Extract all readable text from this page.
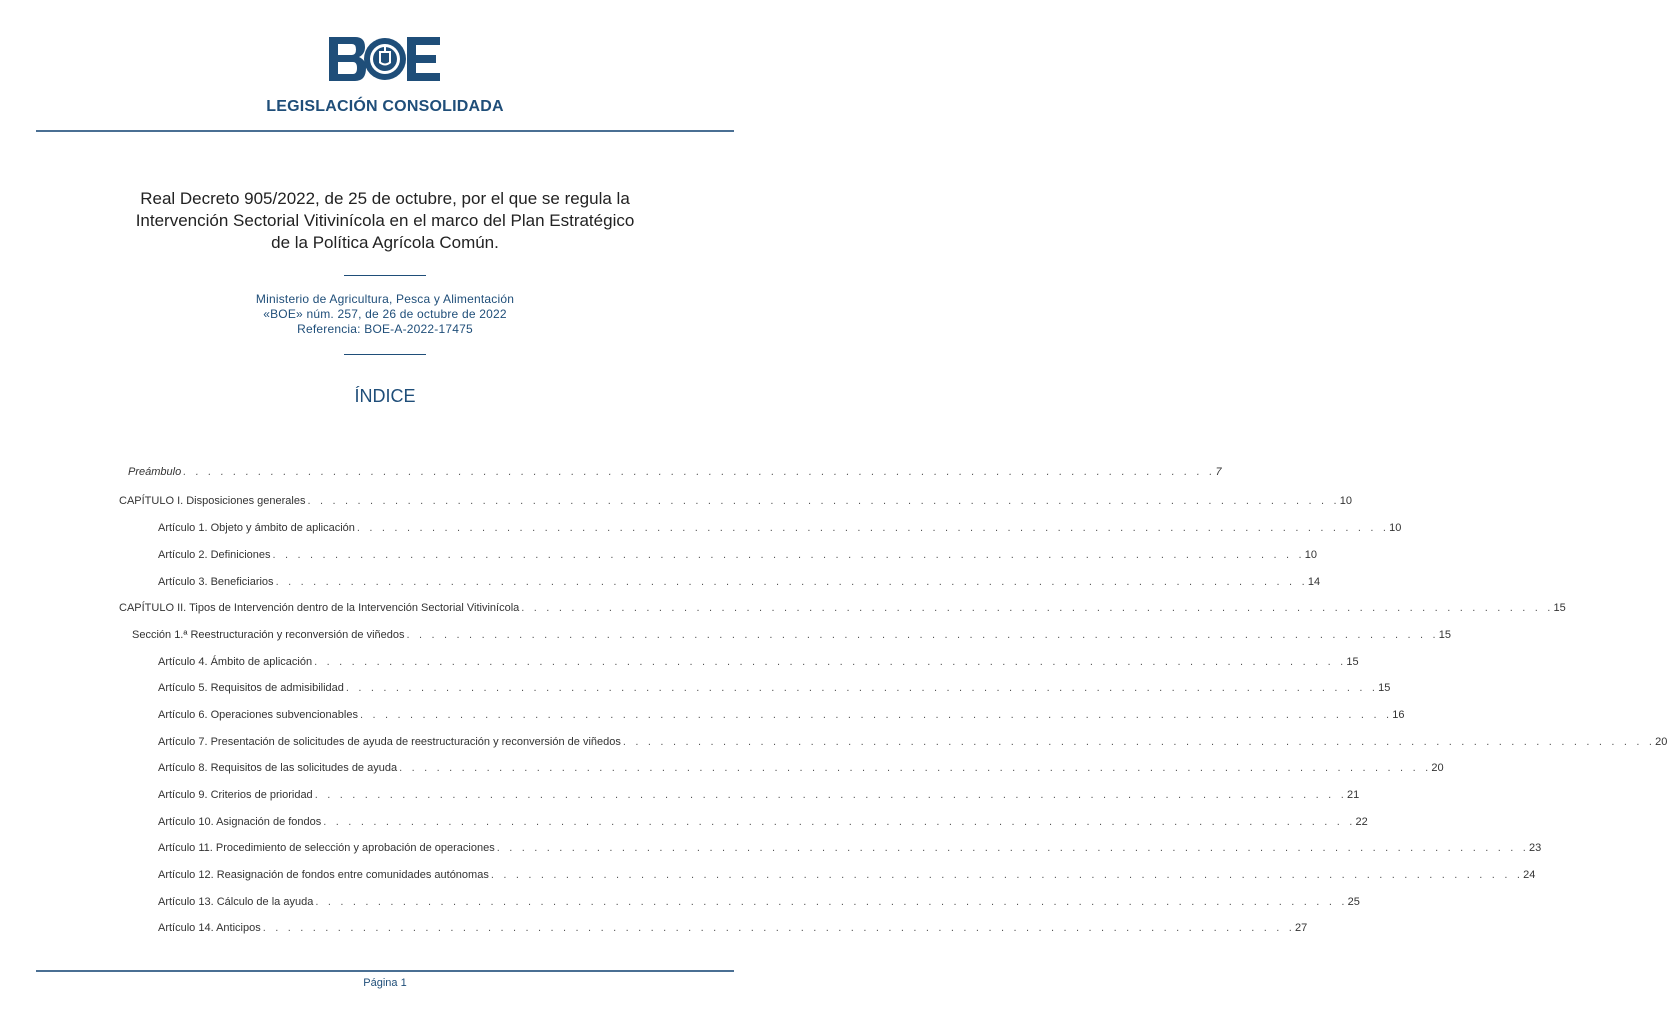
LEGISLACIÓN CONSOLIDADA
Real Decreto 905/2022, de 25 de octubre, por el que se regula la Intervención Sectorial Vitivinícola en el marco del Plan Estratégico de la Política Agrícola Común.
Ministerio de Agricultura, Pesca y Alimentación
«BOE» núm. 257, de 26 de octubre de 2022
Referencia: BOE-A-2022-17475
ÍNDICE
Preámbulo . . . . . . . . . . . . . . . . . . . . . . . . . . . . . . . . . . . . . . . . . . . . . . . . . . . . . . . . . . . . . . . . . . . . . . . . . . . . . . . . . . . 7
CAPÍTULO I. Disposiciones generales . . . . . . . . . . . . . . . . . . . . . . . . . . . . . . . . . . . . . . . . . . . . . . . . . . . . . . . . . . . . . . . . . . . . . . . . . . . . . . . . . . . 10
Artículo 1. Objeto y ámbito de aplicación . . . . . . . . . . . . . . . . . . . . . . . . . . . . . . . . . . . . . . . . . . . . . . . . . . . . . . . . . . . . . . . . . . . . . . . . . . . . . . . . . . . 10
Artículo 2. Definiciones . . . . . . . . . . . . . . . . . . . . . . . . . . . . . . . . . . . . . . . . . . . . . . . . . . . . . . . . . . . . . . . . . . . . . . . . . . . . . . . . . . . 10
Artículo 3. Beneficiarios . . . . . . . . . . . . . . . . . . . . . . . . . . . . . . . . . . . . . . . . . . . . . . . . . . . . . . . . . . . . . . . . . . . . . . . . . . . . . . . . . . . 14
CAPÍTULO II. Tipos de Intervención dentro de la Intervención Sectorial Vitivinícola . . . . . . . . . . . . . . . . . . . . . . . . . . . . . . . . . . . . . . . . . . . . . . . . . . . . . . . . . . . . . . . . . . . . . . . . . . . . . . . . . . . 15
Sección 1.ª Reestructuración y reconversión de viñedos . . . . . . . . . . . . . . . . . . . . . . . . . . . . . . . . . . . . . . . . . . . . . . . . . . . . . . . . . . . . . . . . . . . . . . . . . . . . . . . . . . . 15
Artículo 4. Ámbito de aplicación . . . . . . . . . . . . . . . . . . . . . . . . . . . . . . . . . . . . . . . . . . . . . . . . . . . . . . . . . . . . . . . . . . . . . . . . . . . . . . . . . . . 15
Artículo 5. Requisitos de admisibilidad . . . . . . . . . . . . . . . . . . . . . . . . . . . . . . . . . . . . . . . . . . . . . . . . . . . . . . . . . . . . . . . . . . . . . . . . . . . . . . . . . . . 15
Artículo 6. Operaciones subvencionables . . . . . . . . . . . . . . . . . . . . . . . . . . . . . . . . . . . . . . . . . . . . . . . . . . . . . . . . . . . . . . . . . . . . . . . . . . . . . . . . . . . 16
Artículo 7. Presentación de solicitudes de ayuda de reestructuración y reconversión de viñedos . . . . . . . . . . . . . . . . . . . . . . . . . . . . . . . . . . . . . . . . . . . . . . . . . . . . . . . . . . . . . . . . . . . . . . . . . . . . . . . . . . . 20
Artículo 8. Requisitos de las solicitudes de ayuda . . . . . . . . . . . . . . . . . . . . . . . . . . . . . . . . . . . . . . . . . . . . . . . . . . . . . . . . . . . . . . . . . . . . . . . . . . . . . . . . . . . 20
Artículo 9. Criterios de prioridad . . . . . . . . . . . . . . . . . . . . . . . . . . . . . . . . . . . . . . . . . . . . . . . . . . . . . . . . . . . . . . . . . . . . . . . . . . . . . . . . . . . 21
Artículo 10. Asignación de fondos . . . . . . . . . . . . . . . . . . . . . . . . . . . . . . . . . . . . . . . . . . . . . . . . . . . . . . . . . . . . . . . . . . . . . . . . . . . . . . . . . . . 22
Artículo 11. Procedimiento de selección y aprobación de operaciones . . . . . . . . . . . . . . . . . . . . . . . . . . . . . . . . . . . . . . . . . . . . . . . . . . . . . . . . . . . . . . . . . . . . . . . . . . . . . . . . . . . 23
Artículo 12. Reasignación de fondos entre comunidades autónomas . . . . . . . . . . . . . . . . . . . . . . . . . . . . . . . . . . . . . . . . . . . . . . . . . . . . . . . . . . . . . . . . . . . . . . . . . . . . . . . . . . . 24
Artículo 13. Cálculo de la ayuda . . . . . . . . . . . . . . . . . . . . . . . . . . . . . . . . . . . . . . . . . . . . . . . . . . . . . . . . . . . . . . . . . . . . . . . . . . . . . . . . . . . 25
Artículo 14. Anticipos . . . . . . . . . . . . . . . . . . . . . . . . . . . . . . . . . . . . . . . . . . . . . . . . . . . . . . . . . . . . . . . . . . . . . . . . . . . . . . . . . . . 27
Página 1
